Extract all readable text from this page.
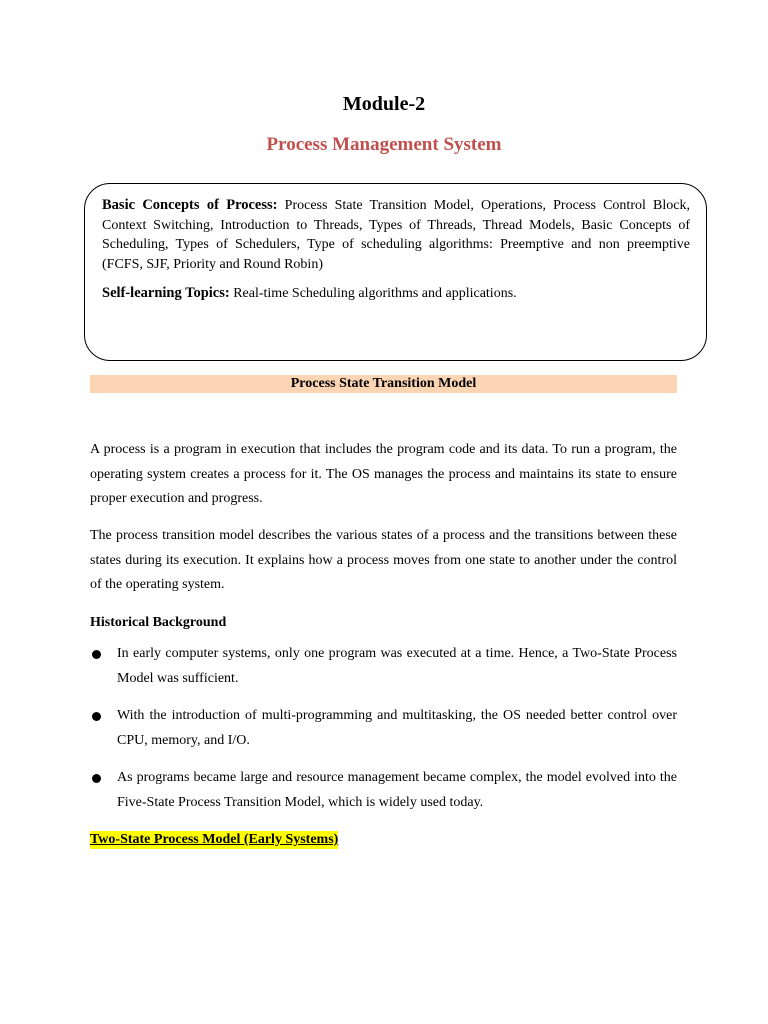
Module-2
Process Management System

Basic Concepts of Process: Process State Transition Model, Operations, Process Control Block, Context Switching, Introduction to Threads, Types of Threads, Thread Models, Basic Concepts of Scheduling, Types of Schedulers, Type of scheduling algorithms: Preemptive and non preemptive (FCFS, SJF, Priority and Round Robin)

Self-learning Topics: Real-time Scheduling algorithms and applications.

Process State Transition Model

A process is a program in execution that includes the program code and its data. To run a program, the operating system creates a process for it. The OS manages the process and maintains its state to ensure proper execution and progress.

The process transition model describes the various states of a process and the transitions between these states during its execution. It explains how a process moves from one state to another under the control of the operating system.

Historical Background

In early computer systems, only one program was executed at a time. Hence, a Two-State Process Model was sufficient.
With the introduction of multi-programming and multitasking, the OS needed better control over CPU, memory, and I/O.
As programs became large and resource management became complex, the model evolved into the Five-State Process Transition Model, which is widely used today.

Two-State Process Model (Early Systems)
